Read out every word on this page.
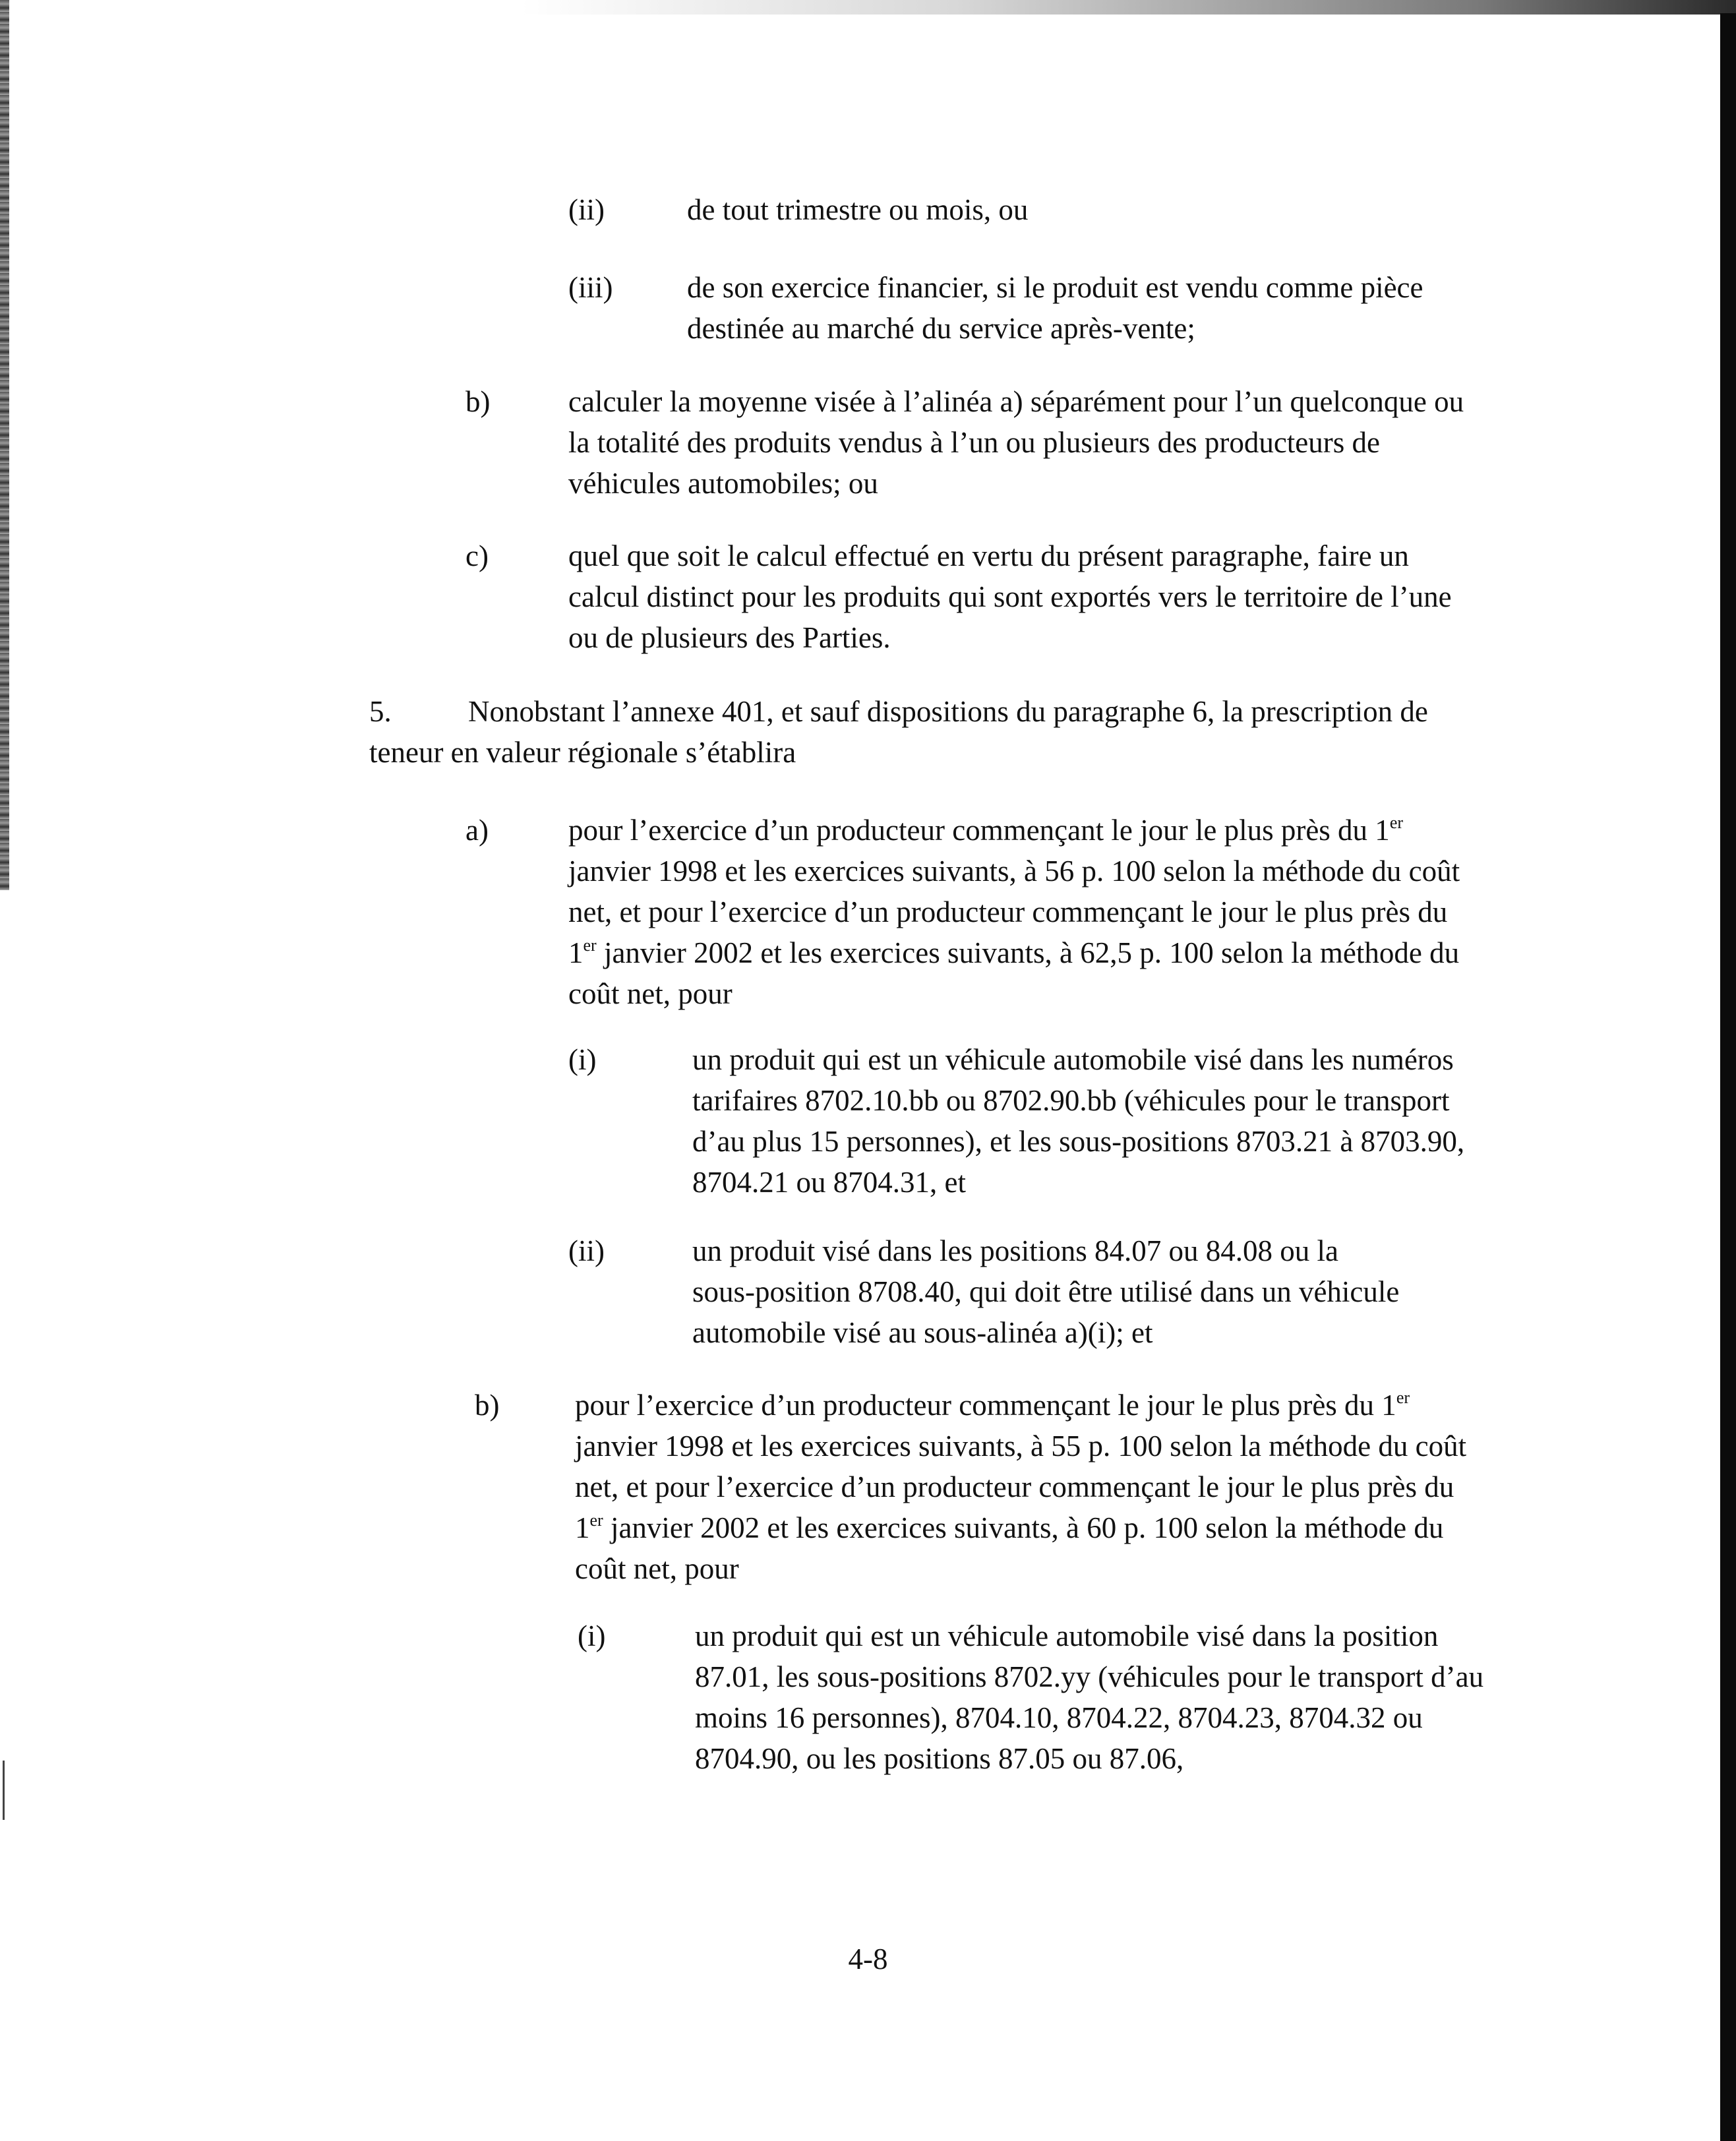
(ii)	de tout trimestre ou mois, ou
(iii)	de son exercice financier, si le produit est vendu comme pièce
destinée au marché du service après-vente;
b)	calculer la moyenne visée à l’alinéa a) séparément pour l’un quelconque ou
la totalité des produits vendus à l’un ou plusieurs des producteurs de
véhicules automobiles; ou
c)	quel que soit le calcul effectué en vertu du présent paragraphe, faire un
calcul distinct pour les produits qui sont exportés vers le territoire de l’une
ou de plusieurs des Parties.
5.	Nonobstant l’annexe 401, et sauf dispositions du paragraphe 6, la prescription de
teneur en valeur régionale s’établira
a)	pour l’exercice d’un producteur commençant le jour le plus près du 1er
janvier 1998 et les exercices suivants, à 56 p. 100 selon la méthode du coût
net, et pour l’exercice d’un producteur commençant le jour le plus près du
1er janvier 2002 et les exercices suivants, à 62,5 p. 100 selon la méthode du
coût net, pour
(i)	un produit qui est un véhicule automobile visé dans les numéros
tarifaires 8702.10.bb ou 8702.90.bb (véhicules pour le transport
d’au plus 15 personnes), et les sous-positions 8703.21 à 8703.90,
8704.21 ou 8704.31, et
(ii)	un produit visé dans les positions 84.07 ou 84.08 ou la
sous-position 8708.40, qui doit être utilisé dans un véhicule
automobile visé au sous-alinéa a)(i); et
b)	pour l’exercice d’un producteur commençant le jour le plus près du 1er
janvier 1998 et les exercices suivants, à 55 p. 100 selon la méthode du coût
net, et pour l’exercice d’un producteur commençant le jour le plus près du
1er janvier 2002 et les exercices suivants, à 60 p. 100 selon la méthode du
coût net, pour
(i)	un produit qui est un véhicule automobile visé dans la position
87.01, les sous-positions 8702.yy (véhicules pour le transport d’au
moins 16 personnes), 8704.10, 8704.22, 8704.23, 8704.32 ou
8704.90, ou les positions 87.05 ou 87.06,
4-8
